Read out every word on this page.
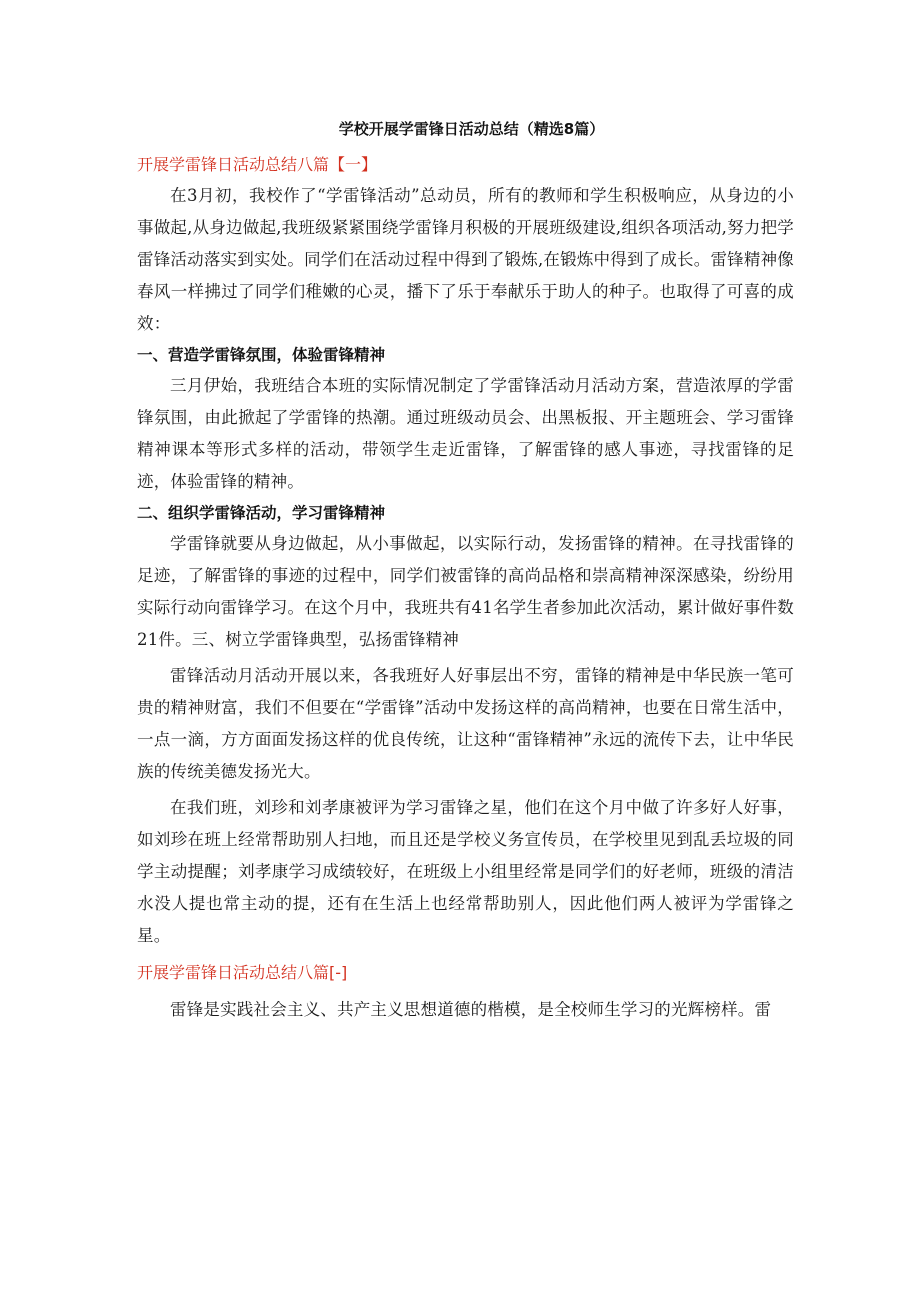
学校开展学雷锋日活动总结（精选8篇）
开展学雷锋日活动总结八篇【一】

在3月初，我校作了“学雷锋活动”总动员，所有的教师和学生积极响应，从身边的小事做起,从身边做起,我班级紧紧围绕学雷锋月积极的开展班级建设,组织各项活动,努力把学雷锋活动落实到实处。同学们在活动过程中得到了锻炼,在锻炼中得到了成长。雷锋精神像春风一样拂过了同学们稚嫩的心灵，播下了乐于奉献乐于助人的种子。也取得了可喜的成效：

一、营造学雷锋氛围，体验雷锋精神

三月伊始，我班结合本班的实际情况制定了学雷锋活动月活动方案，营造浓厚的学雷锋氛围，由此掀起了学雷锋的热潮。通过班级动员会、出黑板报、开主题班会、学习雷锋精神课本等形式多样的活动，带领学生走近雷锋，了解雷锋的感人事迹，寻找雷锋的足迹，体验雷锋的精神。

二、组织学雷锋活动，学习雷锋精神

学雷锋就要从身边做起，从小事做起，以实际行动，发扬雷锋的精神。在寻找雷锋的足迹，了解雷锋的事迹的过程中，同学们被雷锋的高尚品格和崇高精神深深感染，纷纷用实际行动向雷锋学习。在这个月中，我班共有41名学生者参加此次活动，累计做好事件数21件。三、树立学雷锋典型，弘扬雷锋精神

雷锋活动月活动开展以来，各我班好人好事层出不穷，雷锋的精神是中华民族一笔可贵的精神财富，我们不但要在“学雷锋”活动中发扬这样的高尚精神，也要在日常生活中，一点一滴，方方面面发扬这样的优良传统，让这种“雷锋精神”永远的流传下去，让中华民族的传统美德发扬光大。

在我们班，刘珍和刘孝康被评为学习雷锋之星，他们在这个月中做了许多好人好事，如刘珍在班上经常帮助别人扫地，而且还是学校义务宣传员，在学校里见到乱丢垃圾的同学主动提醒；刘孝康学习成绩较好，在班级上小组里经常是同学们的好老师，班级的清洁水没人提也常主动的提，还有在生活上也经常帮助别人，因此他们两人被评为学雷锋之星。

开展学雷锋日活动总结八篇[-]

雷锋是实践社会主义、共产主义思想道德的楷模，是全校师生学习的光辉榜样。雷
